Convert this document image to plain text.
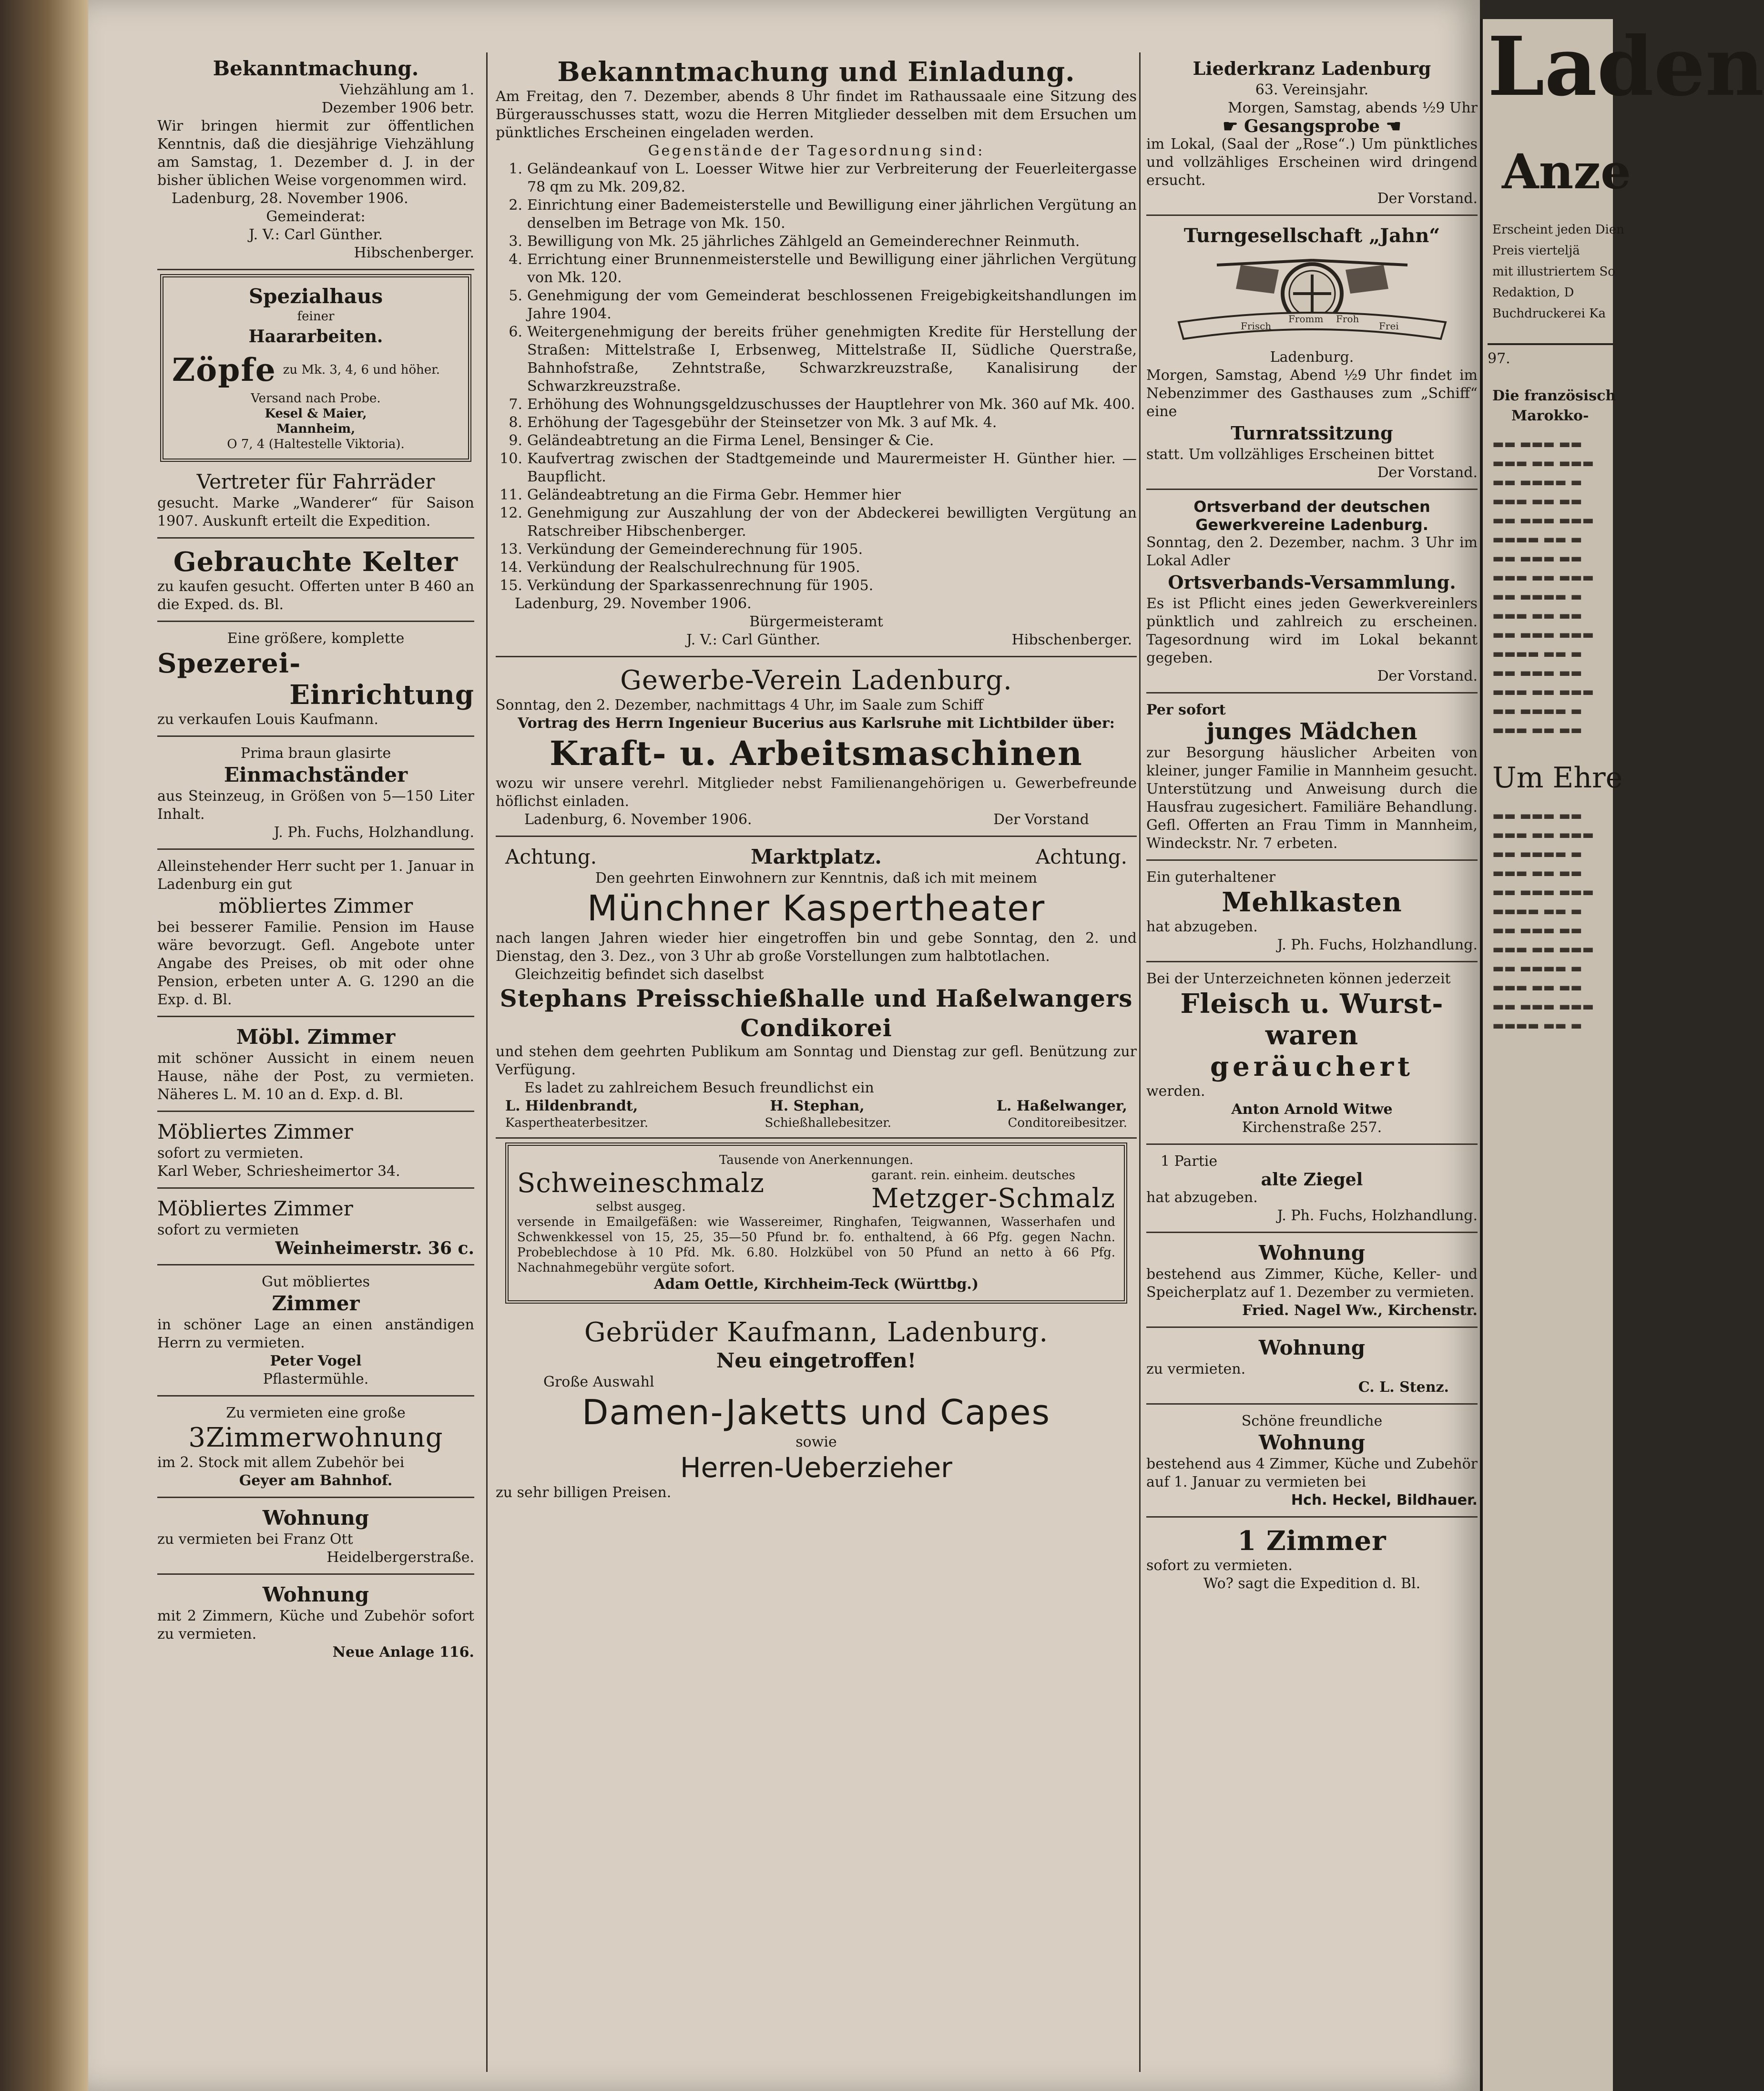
Bekanntmachung.
Viehzählung am 1.
Dezember 1906 betr.
Wir bringen hiermit zur öffentlichen Kenntnis, daß die diesjährige Viehzählung am Samstag, 1. Dezember d. J. in der bisher üblichen Weise vorgenommen wird.
Ladenburg, 28. November 1906.
Gemeinderat:
J. V.: Carl Günther.
Hibschenberger.
Spezialhaus
feiner
Haararbeiten.
Zöpfe zu Mk. 3, 4, 6 und höher.
Versand nach Probe.
Kesel & Maier,
Mannheim,
O 7, 4 (Haltestelle Viktoria).
Vertreter für Fahrräder
gesucht. Marke „Wanderer“ für Saison 1907. Auskunft erteilt die Expedition.
Gebrauchte Kelter
zu kaufen gesucht. Offerten unter B 460 an die Exped. ds. Bl.
Eine größere, komplette
Spezerei-
Einrichtung
zu verkaufen Louis Kaufmann.
Prima braun glasirte
Einmachständer
aus Steinzeug, in Größen von 5—150 Liter Inhalt.
J. Ph. Fuchs, Holzhandlung.
Alleinstehender Herr sucht per 1. Januar in Ladenburg ein gut
möbliertes Zimmer
bei besserer Familie. Pension im Hause wäre bevorzugt. Gefl. Angebote unter Angabe des Preises, ob mit oder ohne Pension, erbeten unter A. G. 1290 an die Exp. d. Bl.
Möbl. Zimmer
mit schöner Aussicht in einem neuen Hause, nähe der Post, zu vermieten. Näheres L. M. 10 an d. Exp. d. Bl.
Möbliertes Zimmer
sofort zu vermieten.
Karl Weber, Schriesheimertor 34.
Möbliertes Zimmer
sofort zu vermieten
Weinheimerstr. 36 c.
Gut möbliertes
Zimmer
in schöner Lage an einen anständigen Herrn zu vermieten.
Peter Vogel
Pflastermühle.
Zu vermieten eine große
3Zimmerwohnung
im 2. Stock mit allem Zubehör bei
Geyer am Bahnhof.
Wohnung
zu vermieten bei Franz Ott
Heidelbergerstraße.
Wohnung
mit 2 Zimmern, Küche und Zubehör sofort zu vermieten.
Neue Anlage 116.
Bekanntmachung und Einladung.
Am Freitag, den 7. Dezember, abends 8 Uhr findet im Rathaussaale eine Sitzung des Bürgerausschusses statt, wozu die Herren Mitglieder desselben mit dem Ersuchen um pünktliches Erscheinen eingeladen werden.
Gegenstände der Tagesordnung sind:
1. Geländeankauf von L. Loesser Witwe hier zur Verbreiterung der Feuerleitergasse 78 qm zu Mk. 209,82.
2. Einrichtung einer Bademeisterstelle und Bewilligung einer jährlichen Vergütung an denselben im Betrage von Mk. 150.
3. Bewilligung von Mk. 25 jährliches Zählgeld an Gemeinderechner Reinmuth.
4. Errichtung einer Brunnenmeisterstelle und Bewilligung einer jährlichen Vergütung von Mk. 120.
5. Genehmigung der vom Gemeinderat beschlossenen Freigebigkeitshandlungen im Jahre 1904.
6. Weitergenehmigung der bereits früher genehmigten Kredite für Herstellung der Straßen: Mittelstraße I, Erbsenweg, Mittelstraße II, Südliche Querstraße, Bahnhofstraße, Zehntstraße, Schwarzkreuzstraße, Kanalisirung der Schwarzkreuzstraße.
7. Erhöhung des Wohnungsgeldzuschusses der Hauptlehrer von Mk. 360 auf Mk. 400.
8. Erhöhung der Tagesgebühr der Steinsetzer von Mk. 3 auf Mk. 4.
9. Geländeabtretung an die Firma Lenel, Bensinger & Cie.
10. Kaufvertrag zwischen der Stadtgemeinde und Maurermeister H. Günther hier. — Baupflicht.
11. Geländeabtretung an die Firma Gebr. Hemmer hier
12. Genehmigung zur Auszahlung der von der Abdeckerei bewilligten Vergütung an Ratschreiber Hibschenberger.
13. Verkündung der Gemeinderechnung für 1905.
14. Verkündung der Realschulrechnung für 1905.
15. Verkündung der Sparkassenrechnung für 1905.
Ladenburg, 29. November 1906.
Bürgermeisteramt
J. V.: Carl Günther.	Hibschenberger.
Gewerbe-Verein Ladenburg.
Sonntag, den 2. Dezember, nachmittags 4 Uhr, im Saale zum Schiff
Vortrag des Herrn Ingenieur Bucerius aus Karlsruhe mit Lichtbilder über:
Kraft- u. Arbeitsmaschinen
wozu wir unsere verehrl. Mitglieder nebst Familienangehörigen u. Gewerbefreunde höflichst einladen.
Ladenburg, 6. November 1906.	Der Vorstand
Achtung.	Marktplatz.	Achtung.
Den geehrten Einwohnern zur Kenntnis, daß ich mit meinem
Münchner Kaspertheater
nach langen Jahren wieder hier eingetroffen bin und gebe Sonntag, den 2. und Dienstag, den 3. Dez., von 3 Uhr ab große Vorstellungen zum halbtotlachen.
Gleichzeitig befindet sich daselbst
Stephans Preisschießhalle und Haßelwangers Condikorei
und stehen dem geehrten Publikum am Sonntag und Dienstag zur gefl. Benützung zur Verfügung.
Es ladet zu zahlreichem Besuch freundlichst ein
L. Hildenbrandt,	H. Stephan,	L. Haßelwanger,
Kaspertheaterbesitzer.	Schießhallebesitzer.	Conditoreibesitzer.
Tausende von Anerkennungen.
Schweineschmalz
selbst ausgeg.
garant. rein. einheim. deutsches
Metzger-Schmalz
versende in Emailgefäßen: wie Wassereimer, Ringhafen, Teigwannen, Wasserhafen und Schwenkkessel von 15, 25, 35—50 Pfund br. fo. enthaltend, à 66 Pfg. gegen Nachn. Probeblechdose à 10 Pfd. Mk. 6.80. Holzkübel von 50 Pfund an netto à 66 Pfg. Nachnahmegebühr vergüte sofort.
Adam Oettle, Kirchheim-Teck (Württbg.)
Gebrüder Kaufmann, Ladenburg.
Neu eingetroffen!
Große Auswahl
Damen-Jaketts und Capes
sowie
Herren-Ueberzieher
zu sehr billigen Preisen.
Liederkranz Ladenburg
63. Vereinsjahr.
Morgen, Samstag, abends ½9 Uhr
☛ Gesangsprobe ☚
im Lokal, (Saal der „Rose“.) Um pünktliches und vollzähliges Erscheinen wird dringend ersucht.
Der Vorstand.
Turngesellschaft „Jahn“
Frisch
Fromm Froh
Frei
Ladenburg.
Morgen, Samstag, Abend ½9 Uhr findet im Nebenzimmer des Gasthauses zum „Schiff“ eine
Turnratssitzung
statt. Um vollzähliges Erscheinen bittet
Der Vorstand.
Ortsverband der deutschen Gewerkvereine Ladenburg.
Sonntag, den 2. Dezember, nachm. 3 Uhr im Lokal Adler
Ortsverbands-Versammlung.
Es ist Pflicht eines jeden Gewerkvereinlers pünktlich und zahlreich zu erscheinen. Tagesordnung wird im Lokal bekannt gegeben.
Der Vorstand.
Per sofort
junges Mädchen
zur Besorgung häuslicher Arbeiten von kleiner, junger Familie in Mannheim gesucht. Unterstützung und Anweisung durch die Hausfrau zugesichert. Familiäre Behandlung. Gefl. Offerten an Frau Timm in Mannheim, Windeckstr. Nr. 7 erbeten.
Ein guterhaltener
Mehlkasten
hat abzugeben.
J. Ph. Fuchs, Holzhandlung.
Bei der Unterzeichneten können jederzeit
Fleisch u. Wurst-
waren
geräuchert
werden.
Anton Arnold Witwe
Kirchenstraße 257.
1 Partie
alte Ziegel
hat abzugeben.
J. Ph. Fuchs, Holzhandlung.
Wohnung
bestehend aus Zimmer, Küche, Keller- und Speicherplatz auf 1. Dezember zu vermieten.
Fried. Nagel Ww., Kirchenstr.
Wohnung
zu vermieten.
C. L. Stenz.
Schöne freundliche
Wohnung
bestehend aus 4 Zimmer, Küche und Zubehör auf 1. Januar zu vermieten bei
Hch. Heckel, Bildhauer.
1 Zimmer
sofort zu vermieten.
Wo? sagt die Expedition d. Bl.
Laden
Anze
Erscheint jeden Dien
Preis vierteljä
mit illustriertem So
Redaktion, D
Buchdruckerei Ka
97.
Die französisch
Marokko-
▬▬ ▬▬▬ ▬▬
▬▬▬ ▬▬ ▬▬▬
▬▬ ▬▬▬▬ ▬
▬▬▬ ▬▬ ▬▬
▬▬ ▬▬▬ ▬▬▬
▬▬▬▬ ▬▬ ▬
▬▬ ▬▬▬ ▬▬
▬▬▬ ▬▬ ▬▬▬
▬▬ ▬▬▬▬ ▬
▬▬▬ ▬▬ ▬▬
▬▬ ▬▬▬ ▬▬▬
▬▬▬▬ ▬▬ ▬
▬▬ ▬▬▬ ▬▬
▬▬▬ ▬▬ ▬▬▬
▬▬ ▬▬▬▬ ▬
▬▬▬ ▬▬ ▬▬
Um Ehre
▬▬ ▬▬▬ ▬▬
▬▬▬ ▬▬ ▬▬▬
▬▬ ▬▬▬▬ ▬
▬▬▬ ▬▬ ▬▬
▬▬ ▬▬▬ ▬▬▬
▬▬▬▬ ▬▬ ▬
▬▬ ▬▬▬ ▬▬
▬▬▬ ▬▬ ▬▬▬
▬▬ ▬▬▬▬ ▬
▬▬▬ ▬▬ ▬▬
▬▬ ▬▬▬ ▬▬▬
▬▬▬▬ ▬▬ ▬
